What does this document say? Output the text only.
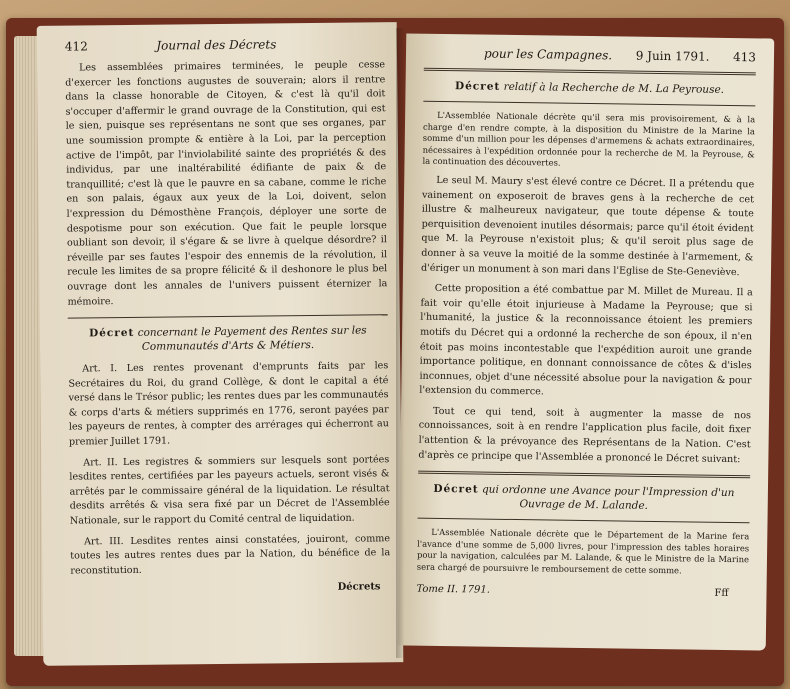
412	Journal des Décrets

Les assemblées primaires terminées, le peuple cesse d'exercer les fonctions augustes de souverain; alors il rentre dans la classe honorable de Citoyen, & c'est là qu'il doit s'occuper d'affermir le grand ouvrage de la Constitution, qui est le sien, puisque ses représentans ne sont que ses organes, par une soumission prompte & entière à la Loi, par la perception active de l'impôt, par l'inviolabilité sainte des propriétés & des individus, par une inaltérabilité édifiante de paix & de tranquillité; c'est là que le pauvre en sa cabane, comme le riche en son palais, égaux aux yeux de la Loi, doivent, selon l'expression du Démosthène François, déployer une sorte de despotisme pour son exécution. Que fait le peuple lorsque oubliant son devoir, il s'égare & se livre à quelque désordre? il réveille par ses fautes l'espoir des ennemis de la révolution, il recule les limites de sa propre félicité & il deshonore le plus bel ouvrage dont les annales de l'univers puissent éternizer la mémoire.

Décret concernant le Payement des Rentes sur les Communautés d'Arts & Métiers.

Art. I. Les rentes provenant d'emprunts faits par les Secrétaires du Roi, du grand Collège, & dont le capital a été versé dans le Trésor public; les rentes dues par les communautés & corps d'arts & métiers supprimés en 1776, seront payées par les payeurs de rentes, à compter des arrérages qui écherront au premier Juillet 1791.

Art. II. Les registres & sommiers sur lesquels sont portées lesdites rentes, certifiées par les payeurs actuels, seront visés & arrêtés par le commissaire général de la liquidation. Le résultat desdits arrêtés & visa sera fixé par un Décret de l'Assemblée Nationale, sur le rapport du Comité central de liquidation.

Art. III. Lesdites rentes ainsi constatées, jouiront, comme toutes les autres rentes dues par la Nation, du bénéfice de la reconstitution.

Décrets
pour les Campagnes. 9 Juin 1791. 413
Décret relatif à la Recherche de M. La Peyrouse.

L'Assemblée Nationale décrète qu'il sera mis provisoirement, & à la charge d'en rendre compte, à la disposition du Ministre de la Marine la somme d'un million pour les dépenses d'armemens & achats extraordinaires, nécessaires à l'expédition ordonnée pour la recherche de M. la Peyrouse, & la continuation des découvertes.

Le seul M. Maury s'est élevé contre ce Décret. Il a prétendu que vainement on exposeroit de braves gens à la recherche de cet illustre & malheureux navigateur, que toute dépense & toute perquisition devenoient inutiles désormais; parce qu'il étoit évident que M. la Peyrouse n'existoit plus; & qu'il seroit plus sage de donner à sa veuve la moitié de la somme destinée à l'armement, & d'ériger un monument à son mari dans l'Eglise de Ste-Geneviève.

Cette proposition a été combattue par M. Millet de Mureau. Il a fait voir qu'elle étoit injurieuse à Madame la Peyrouse; que si l'humanité, la justice & la reconnoissance étoient les premiers motifs du Décret qui a ordonné la recherche de son époux, il n'en étoit pas moins incontestable que l'expédition auroit une grande importance politique, en donnant connoissance de côtes & d'isles inconnues, objet d'une nécessité absolue pour la navigation & pour l'extension du commerce.

Tout ce qui tend, soit à augmenter la masse de nos connoissances, soit à en rendre l'application plus facile, doit fixer l'attention & la prévoyance des Représentans de la Nation. C'est d'après ce principe que l'Assemblée a prononcé le Décret suivant:

Décret qui ordonne une Avance pour l'Impression d'un Ouvrage de M. Lalande.

L'Assemblée Nationale décrète que le Département de la Marine fera l'avance d'une somme de 5,000 livres, pour l'impression des tables horaires pour la navigation, calculées par M. Lalande, & que le Ministre de la Marine sera chargé de poursuivre le remboursement de cette somme.

Tome II. 1791.	Fff
